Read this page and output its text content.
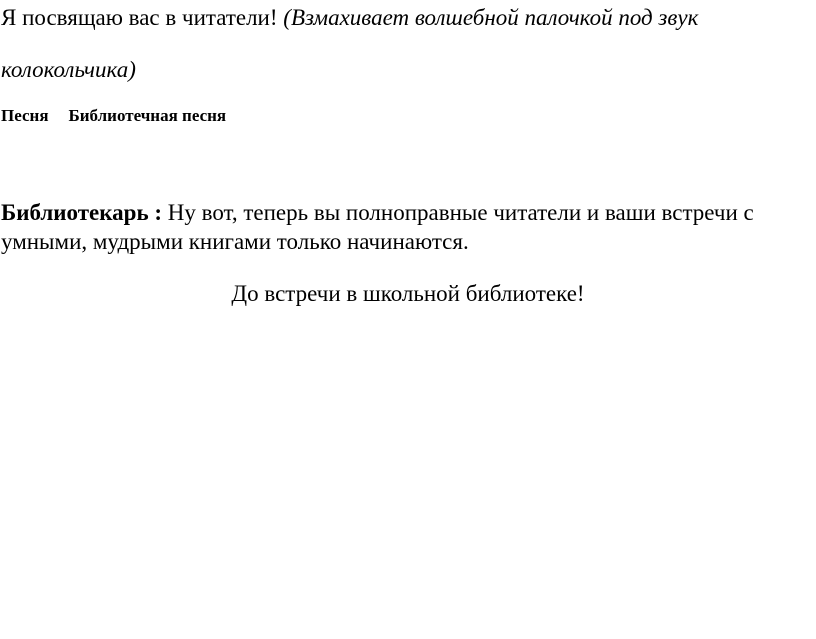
Я посвящаю вас в читатели! (Взмахивает волшебной палочкой под звук
колокольчика)
Песня Библиотечная песня
Библиотекарь : Ну вот, теперь вы полноправные читатели и ваши встречи с умными, мудрыми книгами только начинаются.
До встречи в школьной библиотеке!
